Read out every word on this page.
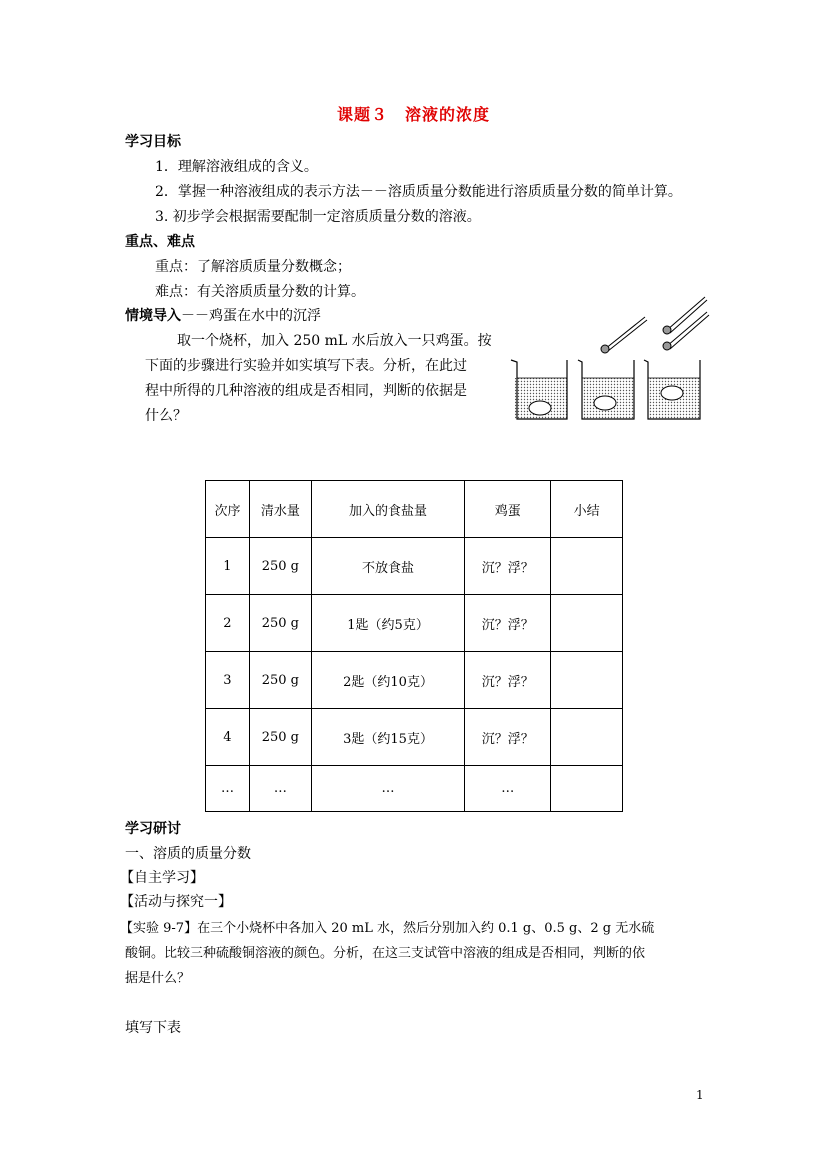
课题３　溶液的浓度
学习目标
1．理解溶液组成的含义。
2．掌握一种溶液组成的表示方法－－溶质质量分数能进行溶质质量分数的简单计算。
3. 初步学会根据需要配制一定溶质质量分数的溶液。
重点、难点
重点：了解溶质质量分数概念；
难点：有关溶质质量分数的计算。
情境导入－－鸡蛋在水中的沉浮
取一个烧杯，加入 250 mL 水后放入一只鸡蛋。按
下面的步骤进行实验并如实填写下表。分析，在此过
程中所得的几种溶液的组成是否相同，判断的依据是
什么？
次序	清水量	加入的食盐量	鸡蛋	小结
1	250 g	不放食盐	沉？浮？	
2	250 g	1匙（约5克）	沉？浮？	
3	250 g	2匙（约10克）	沉？浮？	
4	250 g	3匙（约15克）	沉？浮？	
…	…	…	…	
学习研讨
一、溶质的质量分数
【自主学习】
【活动与探究一】
【实验 9-7】在三个小烧杯中各加入 20 mL 水，然后分别加入约 0.1 g、0.5 g、2 g 无水硫
酸铜。比较三种硫酸铜溶液的颜色。分析，在这三支试管中溶液的组成是否相同，判断的依
据是什么？
填写下表
1
